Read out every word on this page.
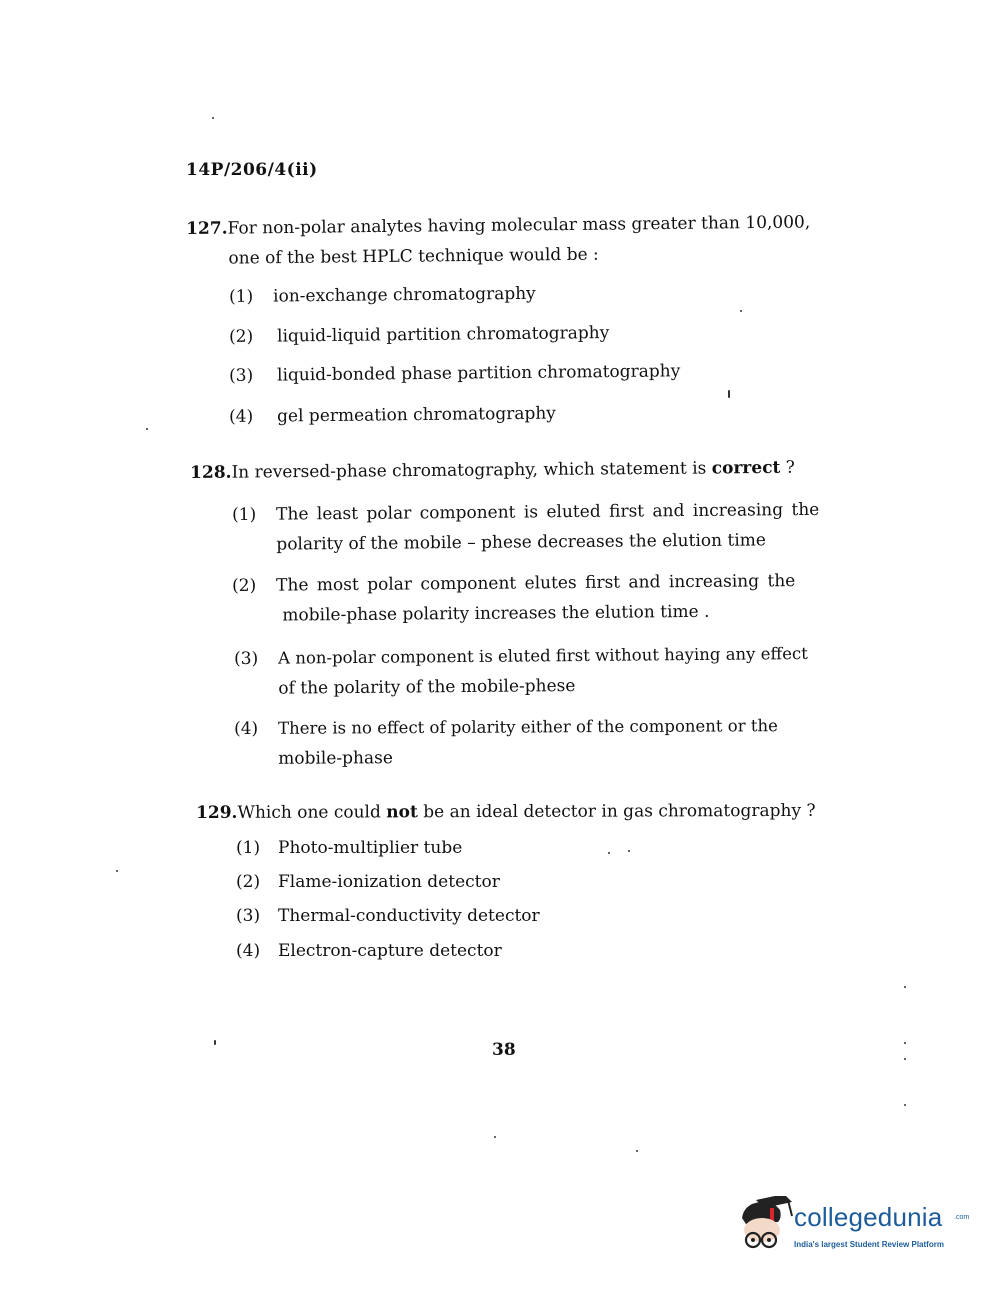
14P/206/4(ii)
127.For non-polar analytes having molecular mass greater than 10,000,
one of the best HPLC technique would be :
(1) ion-exchange chromatography
(2) liquid-liquid partition chromatography
(3) liquid-bonded phase partition chromatography
(4) gel permeation chromatography
128.In reversed-phase chromatography, which statement is correct ?
(1)	The least polar component is eluted first and increasing the
polarity of the mobile – phese decreases the elution time
(2)	The most polar component elutes first and increasing the
mobile-phase polarity increases the elution time .
(3)	A non-polar component is eluted first without haying any effect
of the polarity of the mobile-phese
(4)	There is no effect of polarity either of the component or the
mobile-phase
129.Which one could not be an ideal detector in gas chromatography ?
(1) Photo-multiplier tube
(2) Flame-ionization detector
(3) Thermal-conductivity detector
(4) Electron-capture detector
38
collegedunia .com
India's largest Student Review Platform
